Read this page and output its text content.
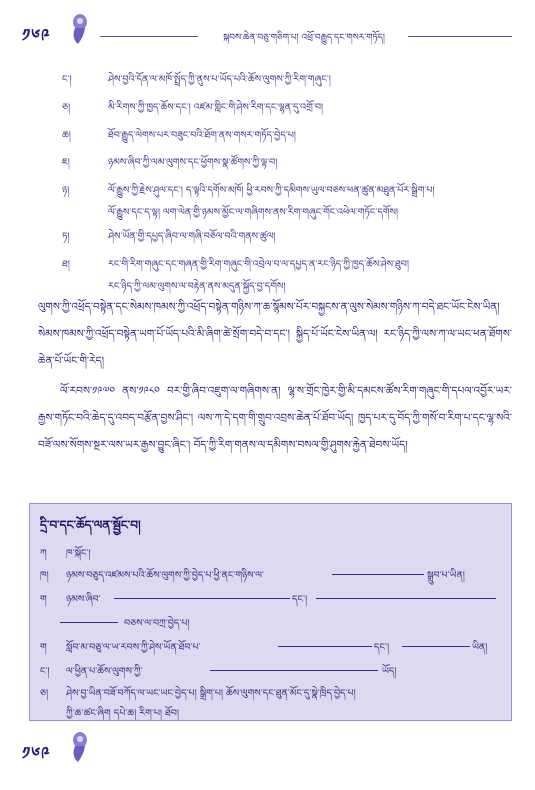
༡༦༩	སྐབས་ཆེན་བཅུ་གཅིག་པ། འཕྲོ་བརྒྱུད་དང་གསར་གཏོད།
ང་།	ཤེས་བྱའི་དོན་ལ་མཁོ་སྤྲོད་ཀྱི་ནུས་པ་ཡོད་པའི་ཆོས་ལུགས་ཀྱི་རིག་གཞུང་།
ཅ།	མི་རིགས་ཀྱི་ཁྱད་ཆོས་དང་། འཛམ་གླིང་གི་ཤེས་རིག་དང་ལྷན་དུ་འགྲོ་བ།
ཆ།	ཐོབ་རྒྱུད་ལེགས་པར་བཟུང་བའི་ཐོག་ནས་གསར་གཏོད་བྱེད་པ།
ཇ།	ཉམས་ཞིབ་ཀྱི་ལམ་ལུགས་དང་ཕྱོགས་སྣ་ཚོགས་ཀྱི་ལྟ་བ།
ཉ།	ལོ་རྒྱུས་ཀྱི་རྗེས་ཤུལ་དང་། ད་ལྟའི་དགོས་མཁོ། ཕྱི་རབས་ཀྱི་དམིགས་ཡུལ་བཅས་ཕན་ཚུན་མཐུན་པོར་སྒྲིག་པ།
ལོ་རྒྱུས་དང་ད་ལྟ། ལག་ལེན་གྱི་ཉམས་མྱོང་ལ་གཞིགས་ནས་རིག་གཞུང་གོང་འཕེལ་གཏོང་དགོས།
ཏ།	ཤེས་ཡོན་གྱི་དཔྱད་ཞིབ་ལ་གཞི་བཅོལ་བའི་གནས་ཚུལ།
ཐ།	རང་གི་རིག་གཞུང་དང་གཞན་གྱི་རིག་གཞུང་གི་འབྲེལ་བ་ལ་དཔྱད་ན་རང་ཉིད་ཀྱི་ཁྱད་ཆོས་ཤེས་ཐུབ།
རང་ཉིད་ཀྱི་ལམ་ལུགས་ལ་བརྟེན་ནས་མདུན་སྐྱོད་བྱ་དགོས།
ལུགས་ཀྱི་འཕྲོད་བསྟེན་དང་སེམས་ཁམས་ཀྱི་འཕྲོད་བསྟེན་གཉིས་ཀ་ཆ་སྙོམས་པོར་བསྐྱངས་ན་ལུས་སེམས་གཉིས་ཀ་བདེ་ཐང་ཡོང་ངེས་ཡིན། སེམས་ཁམས་ཀྱི་འཕྲོད་བསྟེན་ཡག་པོ་ཡོད་པའི་མི་ཞིག་ཚེ་སྲོག་བདེ་བ་དང་། སྐྱིད་པོ་ཡོང་ངེས་ཡིན་ལ། རང་ཉིད་ཀྱི་ལས་ཀ་ལ་ཡང་ཕན་ཐོགས་ཆེན་པོ་ཡོང་གི་རེད།
ལོ་རབས་༡༩༧༠ ནས་༡༩༨༠ བར་གྱི་ཞིབ་འཇུག་ལ་གཞིགས་ན། ལྷ་ས་གྲོང་ཁྱེར་གྱི་མི་དམངས་ཚོས་རིག་གཞུང་གི་དཔལ་འབྱོར་ཡར་རྒྱས་གཏོང་བའི་ཆེད་དུ་འབད་བརྩོན་བྱས་ཤིང་། ལས་ཀ་དེ་དག་གི་གྲུབ་འབྲས་ཆེན་པོ་ཐོབ་ཡོད། ཁྱད་པར་དུ་བོད་ཀྱི་གསོ་བ་རིག་པ་དང་ལྷ་སའི་བཟོ་ལས་སོགས་སྔར་ལས་ཡར་རྒྱས་བྱུང་ཞིང་། བོད་ཀྱི་རིག་གནས་ལ་དམིགས་བསལ་གྱི་ཤུགས་རྐྱེན་ཐེབས་ཡོད།
དྲི་བ་དང་ཆོད་ལན་སྦྱོང་བ།
ཀ ཁ་སྐོང་།
ཁ། ཉམས་བཅུད་འཛམས་པའི་ཆོས་ལུགས་ཀྱི་བྱེད་པ་ཕྱི་ནང་གཉིས་ལ་	སྒྲུབ་པ་ཡིན།
ག ཉམས་ཞིབ་	དང་།
བཅས་ལ་བཀྲ་བྱེད་པ།
ག སློབ་མ་བཅུ་ལ་ཡ་རབས་ཀྱི་ཤེས་ཡོན་ཐོབ་པ་	དང་།	ཡིན།
ང་། ལ་ཕྱིན་པ་ཆོས་ལུགས་ཀྱི་	ཡོད།
ཅ། ཤེས་བྱ་ཡིན་བཟོ་བཀོད་ལ་ཡང་ཡང་བྱེད་པ། སྒྲིག་པ། ཆོས་ལུགས་དང་ཐུན་མོང་དུ་སྣེ་ཁྲིད་བྱེད་པ།
ཀྱི་ཆ་ཚང་ཞིག དཔེ་ཆ། རིག་པ། ཐོབ།
༡༦༩
